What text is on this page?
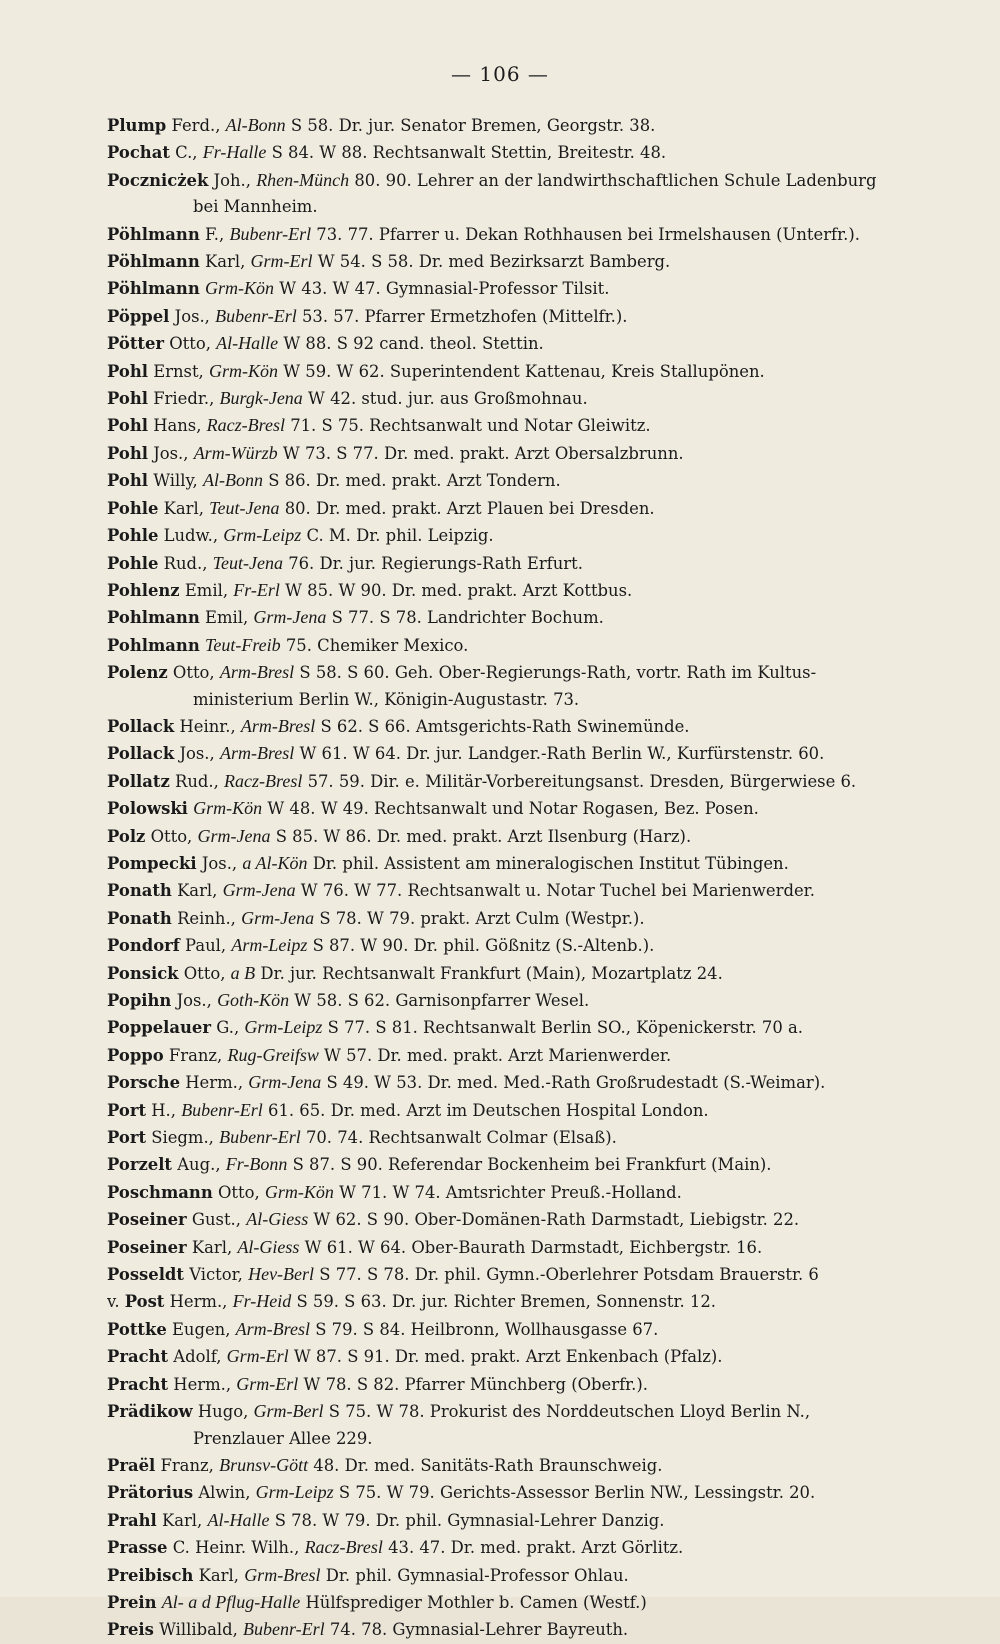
— 106 —
Plump Ferd., Al-Bonn S 58. Dr. jur. Senator Bremen, Georgstr. 38.
Pochat C., Fr-Halle S 84. W 88. Rechtsanwalt Stettin, Breitestr. 48.
Pocznicżek Joh., Rhen-Münch 80. 90. Lehrer an der landwirthschaftlichen Schule Ladenburg
bei Mannheim.
Pöhlmann F., Bubenr-Erl 73. 77. Pfarrer u. Dekan Rothhausen bei Irmelshausen (Unterfr.).
Pöhlmann Karl, Grm-Erl W 54. S 58. Dr. med Bezirksarzt Bamberg.
Pöhlmann Grm-Kön W 43. W 47. Gymnasial-Professor Tilsit.
Pöppel Jos., Bubenr-Erl 53. 57. Pfarrer Ermetzhofen (Mittelfr.).
Pötter Otto, Al-Halle W 88. S 92 cand. theol. Stettin.
Pohl Ernst, Grm-Kön W 59. W 62. Superintendent Kattenau, Kreis Stallupönen.
Pohl Friedr., Burgk-Jena W 42. stud. jur. aus Großmohnau.
Pohl Hans, Racz-Bresl 71. S 75. Rechtsanwalt und Notar Gleiwitz.
Pohl Jos., Arm-Würzb W 73. S 77. Dr. med. prakt. Arzt Obersalzbrunn.
Pohl Willy, Al-Bonn S 86. Dr. med. prakt. Arzt Tondern.
Pohle Karl, Teut-Jena 80. Dr. med. prakt. Arzt Plauen bei Dresden.
Pohle Ludw., Grm-Leipz C. M. Dr. phil. Leipzig.
Pohle Rud., Teut-Jena 76. Dr. jur. Regierungs-Rath Erfurt.
Pohlenz Emil, Fr-Erl W 85. W 90. Dr. med. prakt. Arzt Kottbus.
Pohlmann Emil, Grm-Jena S 77. S 78. Landrichter Bochum.
Pohlmann Teut-Freib 75. Chemiker Mexico.
Polenz Otto, Arm-Bresl S 58. S 60. Geh. Ober-Regierungs-Rath, vortr. Rath im Kultus-
ministerium Berlin W., Königin-Augustastr. 73.
Pollack Heinr., Arm-Bresl S 62. S 66. Amtsgerichts-Rath Swinemünde.
Pollack Jos., Arm-Bresl W 61. W 64. Dr. jur. Landger.-Rath Berlin W., Kurfürstenstr. 60.
Pollatz Rud., Racz-Bresl 57. 59. Dir. e. Militär-Vorbereitungsanst. Dresden, Bürgerwiese 6.
Polowski Grm-Kön W 48. W 49. Rechtsanwalt und Notar Rogasen, Bez. Posen.
Polz Otto, Grm-Jena S 85. W 86. Dr. med. prakt. Arzt Ilsenburg (Harz).
Pompecki Jos., a Al-Kön Dr. phil. Assistent am mineralogischen Institut Tübingen.
Ponath Karl, Grm-Jena W 76. W 77. Rechtsanwalt u. Notar Tuchel bei Marienwerder.
Ponath Reinh., Grm-Jena S 78. W 79. prakt. Arzt Culm (Westpr.).
Pondorf Paul, Arm-Leipz S 87. W 90. Dr. phil. Gößnitz (S.-Altenb.).
Ponsick Otto, a B Dr. jur. Rechtsanwalt Frankfurt (Main), Mozartplatz 24.
Popihn Jos., Goth-Kön W 58. S 62. Garnisonpfarrer Wesel.
Poppelauer G., Grm-Leipz S 77. S 81. Rechtsanwalt Berlin SO., Köpenickerstr. 70 a.
Poppo Franz, Rug-Greifsw W 57. Dr. med. prakt. Arzt Marienwerder.
Porsche Herm., Grm-Jena S 49. W 53. Dr. med. Med.-Rath Großrudestadt (S.-Weimar).
Port H., Bubenr-Erl 61. 65. Dr. med. Arzt im Deutschen Hospital London.
Port Siegm., Bubenr-Erl 70. 74. Rechtsanwalt Colmar (Elsaß).
Porzelt Aug., Fr-Bonn S 87. S 90. Referendar Bockenheim bei Frankfurt (Main).
Poschmann Otto, Grm-Kön W 71. W 74. Amtsrichter Preuß.-Holland.
Poseiner Gust., Al-Giess W 62. S 90. Ober-Domänen-Rath Darmstadt, Liebigstr. 22.
Poseiner Karl, Al-Giess W 61. W 64. Ober-Baurath Darmstadt, Eichbergstr. 16.
Posseldt Victor, Hev-Berl S 77. S 78. Dr. phil. Gymn.-Oberlehrer Potsdam Brauerstr. 6
v. Post Herm., Fr-Heid S 59. S 63. Dr. jur. Richter Bremen, Sonnenstr. 12.
Pottke Eugen, Arm-Bresl S 79. S 84. Heilbronn, Wollhausgasse 67.
Pracht Adolf, Grm-Erl W 87. S 91. Dr. med. prakt. Arzt Enkenbach (Pfalz).
Pracht Herm., Grm-Erl W 78. S 82. Pfarrer Münchberg (Oberfr.).
Prädikow Hugo, Grm-Berl S 75. W 78. Prokurist des Norddeutschen Lloyd Berlin N.,
Prenzlauer Allee 229.
Praël Franz, Brunsv-Gött 48. Dr. med. Sanitäts-Rath Braunschweig.
Prätorius Alwin, Grm-Leipz S 75. W 79. Gerichts-Assessor Berlin NW., Lessingstr. 20.
Prahl Karl, Al-Halle S 78. W 79. Dr. phil. Gymnasial-Lehrer Danzig.
Prasse C. Heinr. Wilh., Racz-Bresl 43. 47. Dr. med. prakt. Arzt Görlitz.
Preibisch Karl, Grm-Bresl Dr. phil. Gymnasial-Professor Ohlau.
Prein Al- a d Pflug-Halle Hülfsprediger Mothler b. Camen (Westf.)
Preis Willibald, Bubenr-Erl 74. 78. Gymnasial-Lehrer Bayreuth.
